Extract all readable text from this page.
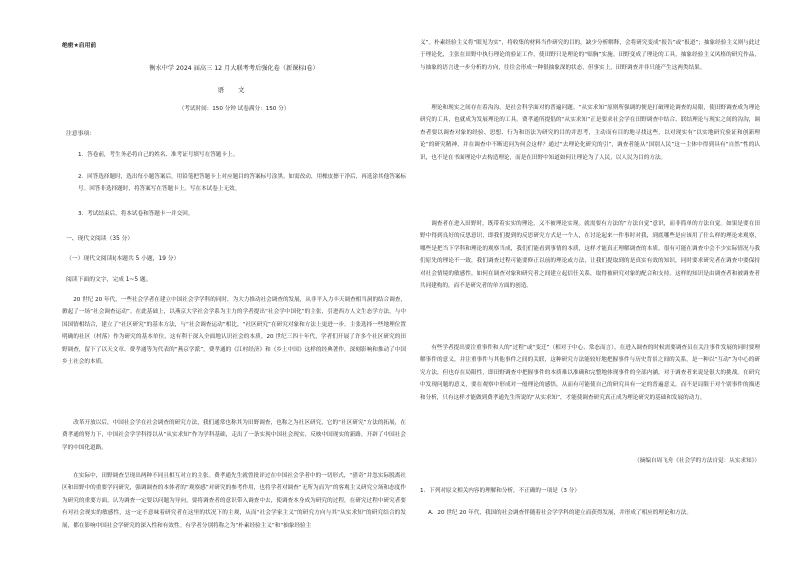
绝密★启用前
衡水中学 2024 届高三 12 月大联考考后强化卷（新课标Ⅰ卷）
语 文
（考试时间：150 分钟 试卷满分：150 分）
注意事项：
1．答卷前，考生务必将自己的姓名、准考证号填写在答题卡上。
2．回答选择题时，选出每小题答案后，用铅笔把答题卡上对应题目的答案标号涂黑。如需改动，用橡皮擦干净后，再选涂其他答案标号。回答非选择题时，将答案写在答题卡上。写在本试卷上无效。
3．考试结束后，将本试卷和答题卡一并交回。
一、现代文阅读（35 分）
（一）现代文阅读Ⅰ(本题共 5 小题，19 分）
阅读下面的文字，完成 1~5 题。

20 世纪 20 年代，一些社会学者在建立中国社会学学科的同时，为大力推动社会调查的发展，从非平入力丰天调查相当洞的结合调查，掀起了一场“社会调查运动”。在此基础上，以燕京大学社会学系为主力的学者提出“社会学中国化”的主张，引进西方人文生态学方法，与中国国情相结合，建立了“社区研究”的基本方法，与“社会调查运动”相比，“社区研究”在研究对象和方法上更进一步。主张选择一些地理位置明确的社区（村落）作为研究的基本单位，这有利于深入全面地认识社会的本质。20 世纪三四十年代，学者们开展了许多个社区研究的田野调查，留下了以天文章、费孝通等为代表的“燕京学派”，费孝通的《江村经济》和《乡土中国》这样的经典著作，深刻影响和推动了中国乡土社会的本质。

改革开放以后，中国社会学在社会调查的研究方法，我们通常也称其为田野调查，也称之为社区研究，它的“社区研究”方法的拓展，在费孝通的努力下，中国社会学学科得以从“从实求知”作为学科基础，走出了一条实现中国社会现实、反映中国现实的新路，开辟了中国社会学的中国化道路。

在实际中，田野调查呈现出两种不同且相互对立的主张。费孝通先生就曾批评过在中国社会学者中的一切形式，“猎奇”并忽实际脱离社区和田野中的重要学问研究，强调调查的本体者的“观察感”对研究的参考作用，也将学者对调查“无所为而为”的客观主义研究立场和态度作为研究的重要方面，认为调查一定要以问题为导向，要将调查者的意识带入调查中去，使调查本身成为研究的过程，在研究过程中研究者要有对社会现实的敏感性，这一定不意味着研究者在这里的状况下的主观，从而“社会学家主义”的研究方向与其“从实求知”的研究结合的发展，都在影响中国社会学研究的深入性和有效性。有学者分别将称之为“朴素经验主义”和“抽象经验主

义”。朴素经验主义将“眼见为实”，将收集的材料当作研究的目的，缺少分析解释，会将研究变成“报告”或“报道”；抽象经验主义则与此过于理论化，主张在田野中执行理论的验证工作，使田野只是理论的“贴胸”实施。田野变成了理论的工具，抽象经验主义风格的研究作品，与抽象的语言进一步分析的方向，往往会形成一种很抽象深的状态，但事实上，田野调查并非只能产生这两类结果。

理论和现实之间存在着沟沟，是社会科学面对的普遍问题。“从实求知”原则所强调的便是打破理论调查的局限，使田野调查成为理论研究的工具，也就成为发展理论的工具。费孝通所提倡的“从实求知”正是要求社会学在田野调查中结合、联结理论与现实之间的沟沟，调查者要以调查对象的经验、思想、行为和语法为研究的目的并思考，主动而有目的地寻找这些，以对现实有“以实地研究验证和创新理论”的研究精神，并在调查中不断追问为何会这样？通过“去理论化研究的引”，调查者能从“国别人民”这一主体中得到具有“自然”性的认识，也不是在书面理论中去构造理论，而是在田野中知道如何让理论为了人民，以人民为目的方法。

调查者在进入田野时，既带着实实的理论，又不被理论实现。就需要有方法的“方法自觉”意识，而非简单的方法自觉。如果是要在田野中得到良好的反思意识，即我们提到的反思研究方式是一个人，在讨论起来一件事时对我，到底哪些是应该用了什么样的理论来观察，哪些是把当下学科和理论的观察当成，我们们能看到事情的本质，这样才能真正理解调查的本质。很有可能在调查中会不少实际情况与我们原先的理论不一致，我们调查过程可能要修正以前的理论或方法，让我们提取到的是真实有效的知识，同时要求研究者在调查中要保持对社会情境的敏感性。如何在调查对象和研究者之间建立起信任关系，取得被研究对象的配合和支持。这样的知识是由调查者和被调查者共同建构的，而不是研究者的单方面的创造。

有些学者提出要注重事件和人的“过程”或“变迁”（相对于中心、常态而言），在进入调查的时候需要调查员在关注事件发展的同时要理解事件的意义，并注重事件与其他事件之间的关联，这种研究方法能较好地把握事件与历史背景之间的关系，是一种以“互动”为中心的研究方法，但也存在局限性，即田野调查中把握事件的本质难以准确和完整地体现事件的全部内涵，对于调查者来说是很大的挑战。在研究中发现问题的意义，要在观察中形成对一般理论的感悟，从而有可能使自己的研究具有一定的普遍意义，而不是局限于对个别事件的描述和分析，只有这样才能做到费孝通先生所说的“从实求知”，才能使调查研究真正成为理论研究的基础和发展的动力。

（摘编自周飞舟《社会学的方法自觉：从实求知》）
1．下列对原文相关内容的理解和分析，不正确的一项是（3 分）
A．20 世纪 20 年代，我国的社会调查伴随着社会学学科的建立而获得发展，并形成了相应的理论和方法。
